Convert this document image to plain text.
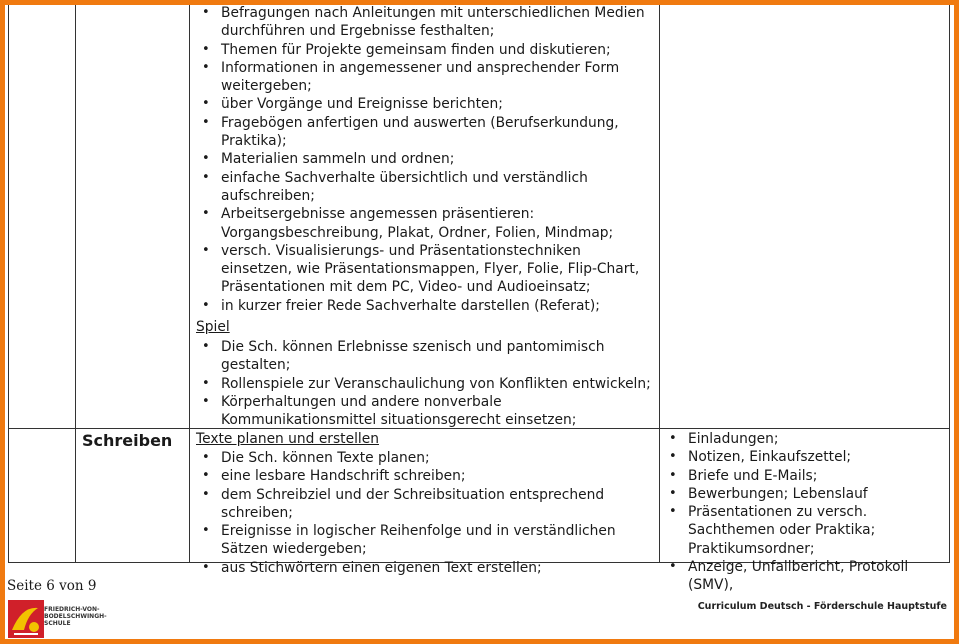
• Befragungen nach Anleitungen mit unterschiedlichen Medien durchführen und Ergebnisse festhalten;
• Themen für Projekte gemeinsam finden und diskutieren;
• Informationen in angemessener und ansprechender Form weitergeben;
• über Vorgänge und Ereignisse berichten;
• Fragebögen anfertigen und auswerten (Berufserkundung, Praktika);
• Materialien sammeln und ordnen;
• einfache Sachverhalte übersichtlich und verständlich aufschreiben;
• Arbeitsergebnisse angemessen präsentieren: Vorgangsbeschreibung, Plakat, Ordner, Folien, Mindmap;
• versch. Visualisierungs- und Präsentationstechniken einsetzen, wie Präsentationsmappen, Flyer, Folie, Flip-Chart, Präsentationen mit dem PC, Video- und Audioeinsatz;
• in kurzer freier Rede Sachverhalte darstellen (Referat);
Spiel
• Die Sch. können Erlebnisse szenisch und pantomimisch gestalten;
• Rollenspiele zur Veranschaulichung von Konflikten entwickeln;
• Körperhaltungen und andere nonverbale Kommunikationsmittel situationsgerecht einsetzen;
Schreiben Texte planen und erstellen
• Die Sch. können Texte planen;
• eine lesbare Handschrift schreiben;
• dem Schreibziel und der Schreibsituation entsprechend schreiben;
• Ereignisse in logischer Reihenfolge und in verständlichen Sätzen wiedergeben;
• aus Stichwörtern einen eigenen Text erstellen;
• Einladungen;
• Notizen, Einkaufszettel;
• Briefe und E-Mails;
• Bewerbungen; Lebenslauf
• Präsentationen zu versch. Sachthemen oder Praktika; Praktikumsordner;
• Anzeige, Unfallbericht, Protokoll (SMV),
Seite 6 von 9
FRIEDRICH-VON-
BODELSCHWINGH-
SCHULE
Curriculum Deutsch - Förderschule Hauptstufe
